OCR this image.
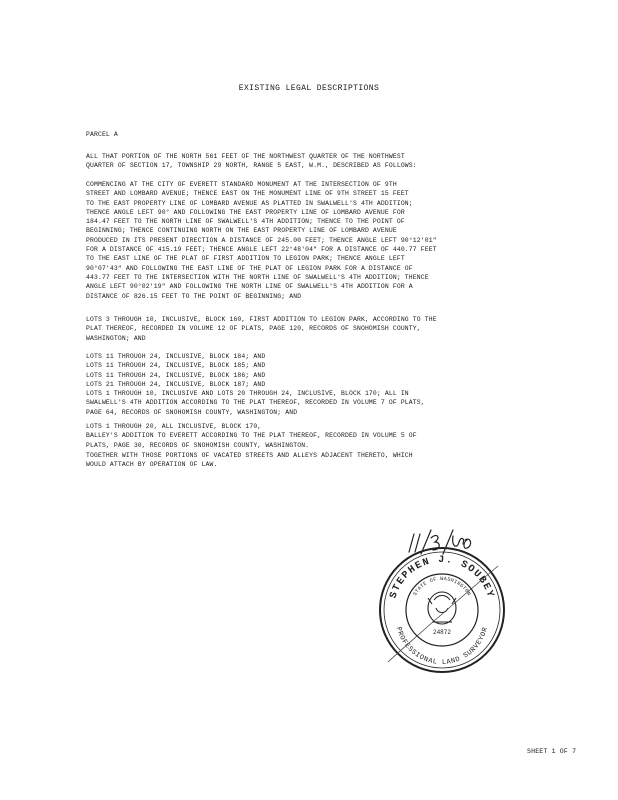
EXISTING LEGAL DESCRIPTIONS
PARCEL A
ALL THAT PORTION OF THE NORTH 561 FEET OF THE NORTHWEST QUARTER OF THE NORTHWEST
QUARTER OF SECTION 17, TOWNSHIP 29 NORTH, RANGE 5 EAST, W.M., DESCRIBED AS FOLLOWS:
COMMENCING AT THE CITY OF EVERETT STANDARD MONUMENT AT THE INTERSECTION OF 9TH
STREET AND LOMBARD AVENUE; THENCE EAST ON THE MONUMENT LINE OF 9TH STREET 15 FEET
TO THE EAST PROPERTY LINE OF LOMBARD AVENUE AS PLATTED IN SWALWELL'S 4TH ADDITION;
THENCE ANGLE LEFT 90° AND FOLLOWING THE EAST PROPERTY LINE OF LOMBARD AVENUE FOR
184.47 FEET TO THE NORTH LINE OF SWALWELL'S 4TH ADDITION; THENCE TO THE POINT OF
BEGINNING; THENCE CONTINUING NORTH ON THE EAST PROPERTY LINE OF LOMBARD AVENUE
PRODUCED IN ITS PRESENT DIRECTION A DISTANCE OF 245.00 FEET; THENCE ANGLE LEFT 90°12'01"
FOR A DISTANCE OF 415.19 FEET; THENCE ANGLE LEFT 22°48'04" FOR A DISTANCE OF 440.77 FEET
TO THE EAST LINE OF THE PLAT OF FIRST ADDITION TO LEGION PARK; THENCE ANGLE LEFT
90°07'43" AND FOLLOWING THE EAST LINE OF THE PLAT OF LEGION PARK FOR A DISTANCE OF
443.77 FEET TO THE INTERSECTION WITH THE NORTH LINE OF SWALWELL'S 4TH ADDITION; THENCE
ANGLE LEFT 90°02'19" AND FOLLOWING THE NORTH LINE OF SWALWELL'S 4TH ADDITION FOR A
DISTANCE OF 826.15 FEET TO THE POINT OF BEGINNING; AND
LOTS 3 THROUGH 10, INCLUSIVE, BLOCK 160, FIRST ADDITION TO LEGION PARK, ACCORDING TO THE
PLAT THEREOF, RECORDED IN VOLUME 12 OF PLATS, PAGE 120, RECORDS OF SNOHOMISH COUNTY,
WASHINGTON; AND
LOTS 11 THROUGH 24, INCLUSIVE, BLOCK 184; AND
LOTS 11 THROUGH 24, INCLUSIVE, BLOCK 185; AND
LOTS 11 THROUGH 24, INCLUSIVE, BLOCK 186; AND
LOTS 21 THROUGH 24, INCLUSIVE, BLOCK 187; AND
LOTS 1 THROUGH 10, INCLUSIVE AND LOTS 20 THROUGH 24, INCLUSIVE, BLOCK 170; ALL IN
SWALWELL'S 4TH ADDITION ACCORDING TO THE PLAT THEREOF, RECORDED IN VOLUME 7 OF PLATS,
PAGE 64, RECORDS OF SNOHOMISH COUNTY, WASHINGTON; AND
LOTS 1 THROUGH 20, ALL INCLUSIVE, BLOCK 170,
BALLEY'S ADDITION TO EVERETT ACCORDING TO THE PLAT THEREOF, RECORDED IN VOLUME 5 OF
PLATS, PAGE 30, RECORDS OF SNOHOMISH COUNTY, WASHINGTON.
TOGETHER WITH THOSE PORTIONS OF VACATED STREETS AND ALLEYS ADJACENT THERETO, WHICH
WOULD ATTACH BY OPERATION OF LAW.
STEPHEN J. SOUBEY
PROFESSIONAL LAND SURVEYOR
STATE OF WASHINGTON
24872
SHEET 1 OF 7
